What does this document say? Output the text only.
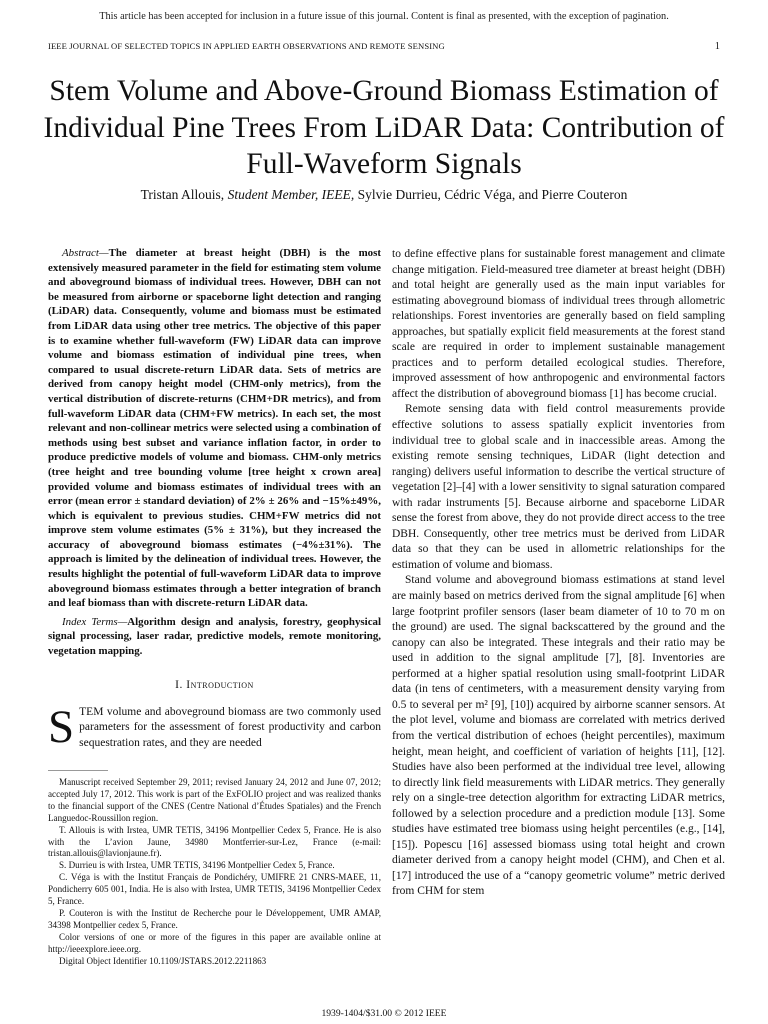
This article has been accepted for inclusion in a future issue of this journal. Content is final as presented, with the exception of pagination.
IEEE JOURNAL OF SELECTED TOPICS IN APPLIED EARTH OBSERVATIONS AND REMOTE SENSING	1
Stem Volume and Above-Ground Biomass Estimation of Individual Pine Trees From LiDAR Data: Contribution of Full-Waveform Signals
Tristan Allouis, Student Member, IEEE, Sylvie Durrieu, Cédric Véga, and Pierre Couteron

Abstract—The diameter at breast height (DBH) is the most extensively measured parameter in the field for estimating stem volume and aboveground biomass of individual trees. However, DBH can not be measured from airborne or spaceborne light detection and ranging (LiDAR) data. Consequently, volume and biomass must be estimated from LiDAR data using other tree metrics. The objective of this paper is to examine whether full-waveform (FW) LiDAR data can improve volume and biomass estimation of individual pine trees, when compared to usual discrete-return LiDAR data. Sets of metrics are derived from canopy height model (CHM-only metrics), from the vertical distribution of discrete-returns (CHM+DR metrics), and from full-waveform LiDAR data (CHM+FW metrics). In each set, the most relevant and non-collinear metrics were selected using a combination of methods using best subset and variance inflation factor, in order to produce predictive models of volume and biomass. CHM-only metrics (tree height and tree bounding volume [tree height x crown area] provided volume and biomass estimates of individual trees with an error (mean error ± standard deviation) of 2% ± 26% and −15%±49%, which is equivalent to previous studies. CHM+FW metrics did not improve stem volume estimates (5% ± 31%), but they increased the accuracy of aboveground biomass estimates (−4%±31%). The approach is limited by the delineation of individual trees. However, the results highlight the potential of full-waveform LiDAR data to improve aboveground biomass estimates through a better integration of branch and leaf biomass than with discrete-return LiDAR data.

Index Terms—Algorithm design and analysis, forestry, geophysical signal processing, laser radar, predictive models, remote monitoring, vegetation mapping.

I. Introduction

STEM volume and aboveground biomass are two commonly used parameters for the assessment of forest productivity and carbon sequestration rates, and they are needed

Manuscript received September 29, 2011; revised January 24, 2012 and June 07, 2012; accepted July 17, 2012. This work is part of the ExFOLIO project and was realized thanks to the financial support of the CNES (Centre National d’Études Spatiales) and the French Languedoc-Roussillon region.

T. Allouis is with Irstea, UMR TETIS, 34196 Montpellier Cedex 5, France. He is also with the L’avion Jaune, 34980 Montferrier-sur-Lez, France (e-mail: tristan.allouis@lavionjaune.fr).

S. Durrieu is with Irstea, UMR TETIS, 34196 Montpellier Cedex 5, France.

C. Véga is with the Institut Français de Pondichéry, UMIFRE 21 CNRS-MAEE, 11, Pondicherry 605 001, India. He is also with Irstea, UMR TETIS, 34196 Montpellier Cedex 5, France.

P. Couteron is with the Institut de Recherche pour le Développement, UMR AMAP, 34398 Montpellier cedex 5, France.

Color versions of one or more of the figures in this paper are available online at http://ieeexplore.ieee.org.

Digital Object Identifier 10.1109/JSTARS.2012.2211863

to define effective plans for sustainable forest management and climate change mitigation. Field-measured tree diameter at breast height (DBH) and total height are generally used as the main input variables for estimating aboveground biomass of individual trees through allometric relationships. Forest inventories are generally based on field sampling approaches, but spatially explicit field measurements at the forest stand scale are required in order to implement sustainable management practices and to perform detailed ecological studies. Therefore, improved assessment of how anthropogenic and environmental factors affect the distribution of aboveground biomass [1] has become crucial.

Remote sensing data with field control measurements provide effective solutions to assess spatially explicit inventories from individual tree to global scale and in inaccessible areas. Among the existing remote sensing techniques, LiDAR (light detection and ranging) delivers useful information to describe the vertical structure of vegetation [2]–[4] with a lower sensitivity to signal saturation compared with radar instruments [5]. Because airborne and spaceborne LiDAR sense the forest from above, they do not provide direct access to the tree DBH. Consequently, other tree metrics must be derived from LiDAR data so that they can be used in allometric relationships for the estimation of volume and biomass.

Stand volume and aboveground biomass estimations at stand level are mainly based on metrics derived from the signal amplitude [6] when large footprint profiler sensors (laser beam diameter of 10 to 70 m on the ground) are used. The signal backscattered by the ground and the canopy can also be integrated. These integrals and their ratio may be used in addition to the signal amplitude [7], [8]. Inventories are performed at a higher spatial resolution using small-footprint LiDAR data (in tens of centimeters, with a measurement density varying from 0.5 to several per m² [9], [10]) acquired by airborne scanner sensors. At the plot level, volume and biomass are correlated with metrics derived from the vertical distribution of echoes (height percentiles), maximum height, mean height, and coefficient of variation of heights [11], [12]. Studies have also been performed at the individual tree level, allowing to directly link field measurements with LiDAR metrics. They generally rely on a single-tree detection algorithm for extracting LiDAR metrics, followed by a selection procedure and a prediction module [13]. Some studies have estimated tree biomass using height percentiles (e.g., [14], [15]). Popescu [16] assessed biomass using total height and crown diameter derived from a canopy height model (CHM), and Chen et al. [17] introduced the use of a “canopy geometric volume” metric derived from CHM for stem

1939-1404/$31.00 © 2012 IEEE
